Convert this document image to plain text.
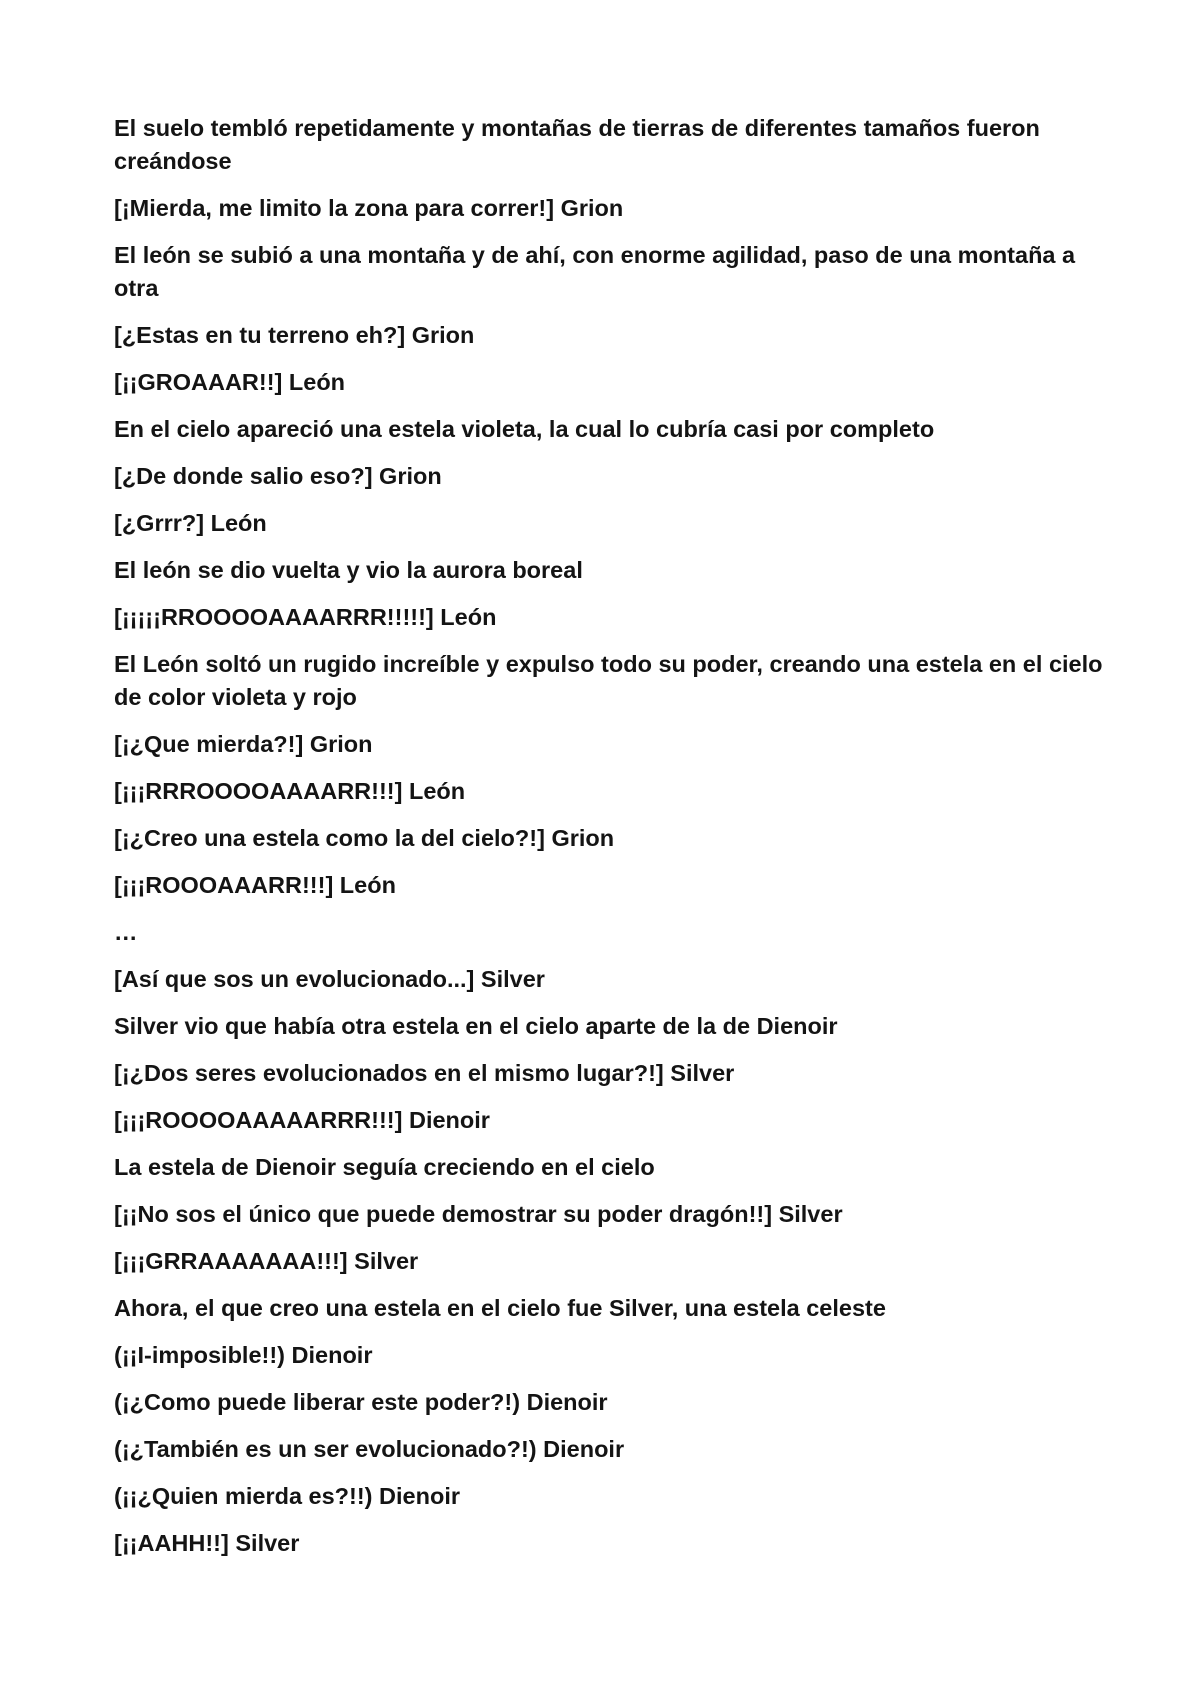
El suelo tembló repetidamente y montañas de tierras de diferentes tamaños fueron creándose

[¡Mierda, me limito la zona para correr!] Grion

El león se subió a una montaña y de ahí, con enorme agilidad, paso de una montaña a otra

[¿Estas en tu terreno eh?] Grion

[¡¡GROAAAR!!] León

En el cielo apareció una estela violeta, la cual lo cubría casi por completo

[¿De donde salio eso?] Grion

[¿Grrr?] León

El león se dio vuelta y vio la aurora boreal

[¡¡¡¡¡RROOOOAAAARRR!!!!!] León

El León soltó un rugido increíble y expulso todo su poder, creando una estela en el cielo de color violeta y rojo

[¡¿Que mierda?!] Grion

[¡¡¡RRROOOOAAAARR!!!] León

[¡¿Creo una estela como la del cielo?!] Grion

[¡¡¡ROOOAAARR!!!] León

…

[Así que sos un evolucionado...] Silver

Silver vio que había otra estela en el cielo aparte de la de Dienoir

[¡¿Dos seres evolucionados en el mismo lugar?!] Silver

[¡¡¡ROOOOAAAAARRR!!!] Dienoir

La estela de Dienoir seguía creciendo en el cielo

[¡¡No sos el único que puede demostrar su poder dragón!!] Silver

[¡¡¡GRRAAAAAAA!!!] Silver

Ahora, el que creo una estela en el cielo fue Silver, una estela celeste

(¡¡I-imposible!!) Dienoir

(¡¿Como puede liberar este poder?!) Dienoir

(¡¿También es un ser evolucionado?!) Dienoir

(¡¡¿Quien mierda es?!!) Dienoir

[¡¡AAHH!!] Silver
